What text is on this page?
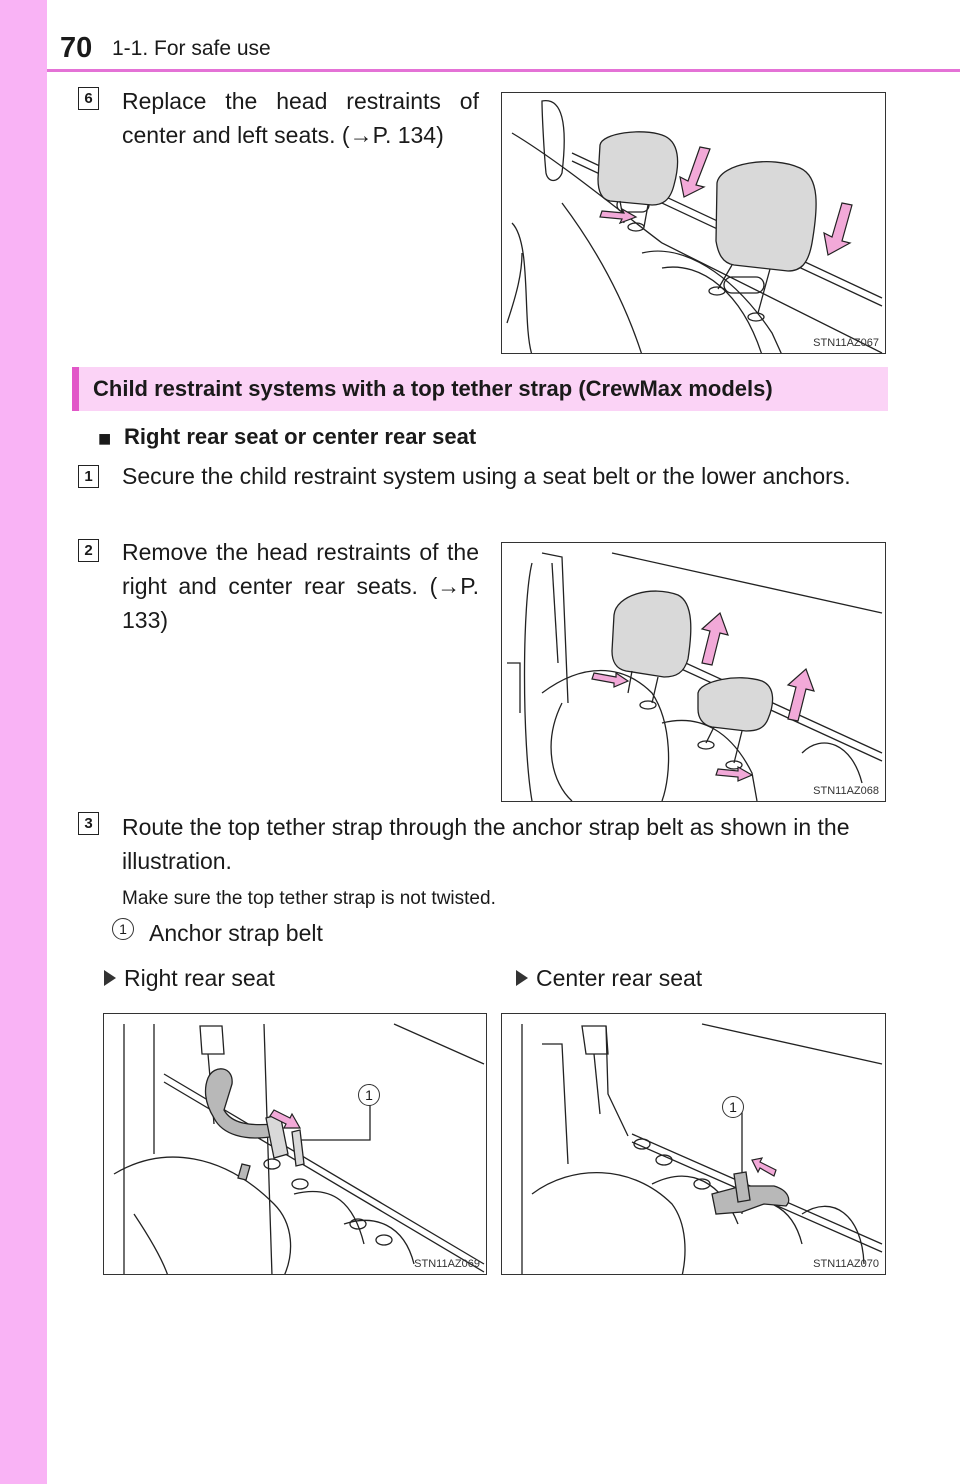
70 1-1. For safe use
6 Replace the head restraints of center and left seats. (→P. 134)
STN11AZ067
Child restraint systems with a top tether strap (CrewMax models)
■ Right rear seat or center rear seat
1 Secure the child restraint system using a seat belt or the lower anchors.
2 Remove the head restraints of the right and center rear seats. (→P. 133)
STN11AZ068
3 Route the top tether strap through the anchor strap belt as shown in the illustration.
Make sure the top tether strap is not twisted.
1 Anchor strap belt
Right rear seat	Center rear seat
1
STN11AZ069
1
STN11AZ070
